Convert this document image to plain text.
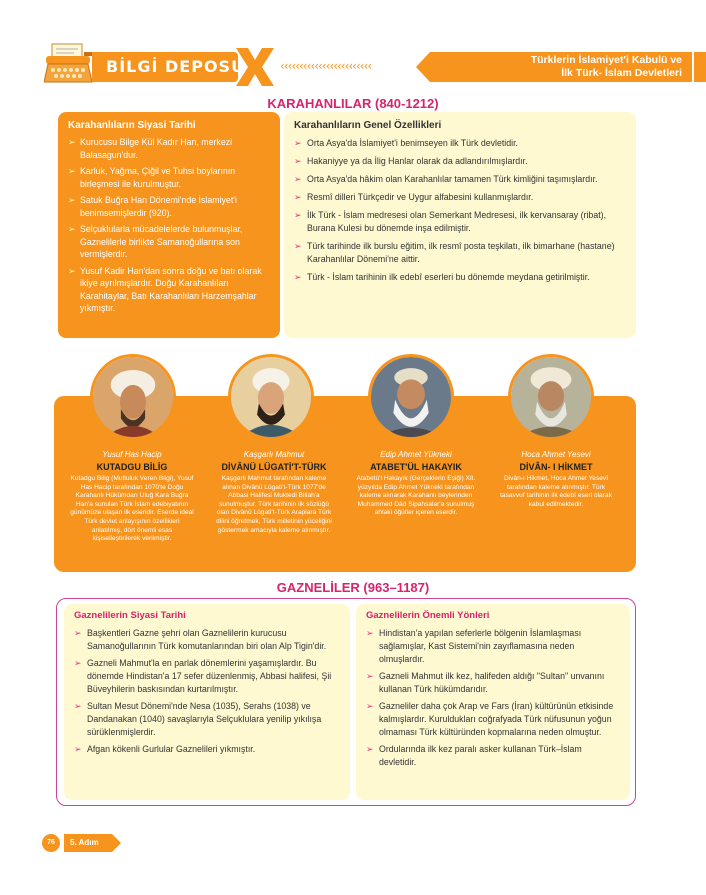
BİLGİ DEPOSU	‹‹‹‹‹‹‹‹‹‹‹‹‹‹‹‹‹‹‹‹‹‹‹‹	Türklerin İslamiyet'i Kabulü ve
İlk Türk- İslam Devletleri
KARAHANLILAR (840-1212)
Karahanlıların Siyasi Tarihi
➢ Kurucusu Bilge Kül Kadır Han, merkezi Balasagun'dur.
➢ Karluk, Yağma, Çiğil ve Tuhsi boylarının birleşmesi ile kurulmuştur.
➢ Satuk Buğra Han Dönemi'nde İslamiyet'i benimsemişlerdir (920).
➢ Selçuklularla mücadelelerde bulunmuşlar, Gaznelilerle birlikte Samanoğullarına son vermişlerdir.
➢ Yusuf Kadir Han'dan sonra doğu ve batı olarak ikiye ayrılmışlardır. Doğu Karahanlıları Karahitaylar, Batı Karahanlıları Harzemşahlar yıkmıştır.
Karahanlıların Genel Özellikleri
➢ Orta Asya'da İslamiyet'i benimseyen ilk Türk devletidir.
➢ Hakaniyye ya da İlig Hanlar olarak da adlandırılmışlardır.
➢ Orta Asya'da hâkim olan Karahanlılar tamamen Türk kimliğini taşımışlardır.
➢ Resmî dilleri Türkçedir ve Uygur alfabesini kullanmışlardır.
➢ İlk Türk - İslam medresesi olan Semerkant Medresesi, ilk kervansaray (ribat), Burana Kulesi bu dönemde inşa edilmiştir.
➢ Türk tarihinde ilk burslu eğitim, ilk resmî posta teşkilatı, ilk bimarhane (hastane) Karahanlılar Dönemi'ne aittir.
➢ Türk - İslam tarihinin ilk edebî eserleri bu dönemde meydana getirilmiştir.
Yusuf Has Hacip
KUTADGU BİLİG
Kutadgu Bilig (Mutluluk Veren Bilgi), Yusuf Has Hacip tarafından 1070'te Doğu Karahanlı Hükümdarı Uluğ Kara Buğra Han'a sunulan Türk İslam edebiyatının günümüze ulaşan ilk eseridir. Eserde ideal Türk devlet anlayışının özellikleri anlatılmış, dört önemli esas kişiselleştirilerek verilmiştir.
Kaşgarlı Mahmut
DİVÂNÜ LÜGATİ'T-TÜRK
Kaşgarlı Mahmut tarafından kaleme alınan Divânü Lügati't-Türk 1077'de Abbasi Halifesi Muktedi Billah'a sunulmuştur. Türk tarihinin ilk sözlüğü olan Divânü Lügati't-Türk Araplara Türk dilini öğretmek, Türk milletinin yüceliğini göstermek amacıyla kaleme alınmıştır.
Edip Ahmet Yükneki
ATABET'ÜL HAKAYIK
Atabetü'l Hakayık (Gerçeklerin Eşiği) XII. yüzyılda Edip Ahmet Yükneki tarafından kaleme alınarak Karahanlı beylerinden Muhammed Dâd Sipahsalar'a sunulmuş ahlaki öğütler içeren eserdir.
Hoca Ahmet Yesevi
DİVÂN- I HİKMET
Divân-ı Hikmet, Hoca Ahmet Yesevî tarafından kaleme alınmıştır. Türk tasavvuf tarihinin ilk edebî eseri olarak kabul edilmektedir.
GAZNELİLER (963–1187)
Gaznelilerin Siyasi Tarihi
➢ Başkentleri Gazne şehri olan Gaznelilerin kurucusu Samanoğullarının Türk komutanlarından biri olan Alp Tigin'dir.
➢ Gazneli Mahmut'la en parlak dönemlerini yaşamışlardır. Bu dönemde Hindistan'a 17 sefer düzenlenmiş, Abbasi halifesi, Şii Büveyhilerin baskısından kurtarılmıştır.
➢ Sultan Mesut Dönemi'nde Nesa (1035), Serahs (1038) ve Dandanakan (1040) savaşlarıyla Selçuklulara yenilip yıkılışa sürüklenmişlerdir.
➢ Afgan kökenli Gurlular Gaznelileri yıkmıştır.
Gaznelilerin Önemli Yönleri
➢ Hindistan'a yapılan seferlerle bölgenin İslamlaşması sağlamışlar, Kast Sistemi'nin zayıflamasına neden olmuşlardır.
➢ Gazneli Mahmut ilk kez, halifeden aldığı "Sultan" unvanını kullanan Türk hükümdarıdır.
➢ Gazneliler daha çok Arap ve Fars (İran) kültürünün etkisinde kalmışlardır. Kuruldukları coğrafyada Türk nüfusunun yoğun olmaması Türk kültüründen kopmalarına neden olmuştur.
➢ Ordularında ilk kez paralı asker kullanan Türk–İslam devletidir.
76	5. Adım
